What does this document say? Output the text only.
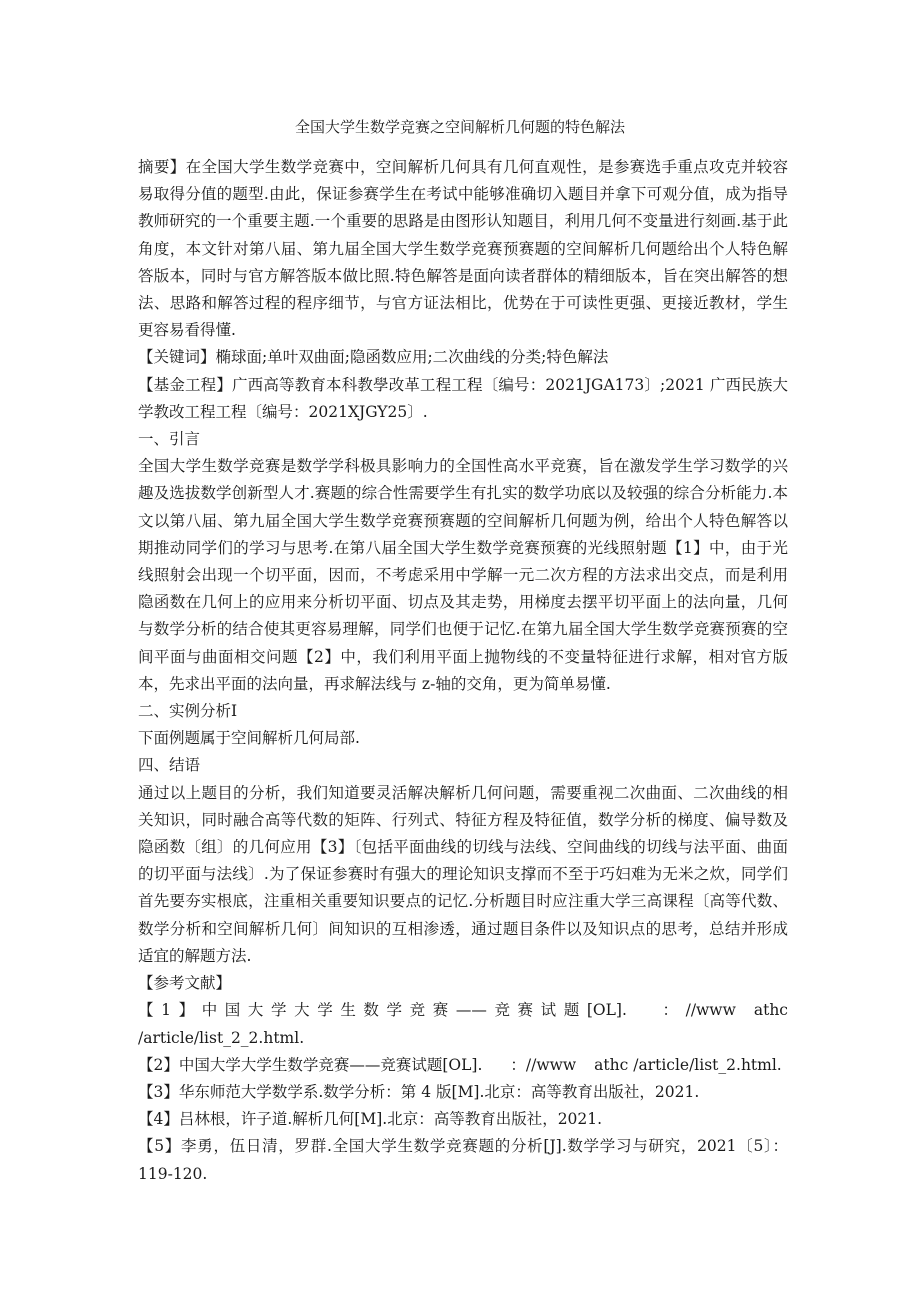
全国大学生数学竞赛之空间解析几何题的特色解法

摘要】在全国大学生数学竞赛中，空间解析几何具有几何直观性，是参赛选手重点攻克并较容易取得分值的题型.由此，保证参赛学生在考试中能够准确切入题目并拿下可观分值，成为指导教师研究的一个重要主题.一个重要的思路是由图形认知题目，利用几何不变量进行刻画.基于此角度，本文针对第八届、第九届全国大学生数学竞赛预赛题的空间解析几何题给出个人特色解答版本，同时与官方解答版本做比照.特色解答是面向读者群体的精细版本，旨在突出解答的想法、思路和解答过程的程序细节，与官方证法相比，优势在于可读性更强、更接近教材，学生更容易看得懂.

【关键词】椭球面;单叶双曲面;隐函数应用;二次曲线的分类;特色解法

【基金工程】广西高等教育本科教學改革工程工程〔编号：2021JGA173〕;2021 广西民族大学教改工程工程〔编号：2021XJGY25〕.

一、引言

全国大学生数学竞赛是数学学科极具影响力的全国性高水平竞赛，旨在激发学生学习数学的兴趣及选拔数学创新型人才.赛题的综合性需要学生有扎实的数学功底以及较强的综合分析能力.本文以第八届、第九届全国大学生数学竞赛预赛题的空间解析几何题为例，给出个人特色解答以期推动同学们的学习与思考.在第八届全国大学生数学竞赛预赛的光线照射题【1】中，由于光线照射会出现一个切平面，因而，不考虑采用中学解一元二次方程的方法求出交点，而是利用隐函数在几何上的应用来分析切平面、切点及其走势，用梯度去摆平切平面上的法向量，几何与数学分析的结合使其更容易理解，同学们也便于记忆.在第九届全国大学生数学竞赛预赛的空间平面与曲面相交问题【2】中，我们利用平面上抛物线的不变量特征进行求解，相对官方版本，先求出平面的法向量，再求解法线与 z-轴的交角，更为简单易懂.

二、实例分析Ⅰ

下面例题属于空间解析几何局部.

四、结语

通过以上题目的分析，我们知道要灵活解决解析几何问题，需要重视二次曲面、二次曲线的相关知识，同时融合高等代数的矩阵、行列式、特征方程及特征值，数学分析的梯度、偏导数及隐函数〔组〕的几何应用【3】〔包括平面曲线的切线与法线、空间曲线的切线与法平面、曲面的切平面与法线〕.为了保证参赛时有强大的理论知识支撑而不至于巧妇难为无米之炊，同学们首先要夯实根底，注重相关重要知识要点的记忆.分析题目时应注重大学三高课程〔高等代数、数学分析和空间解析几何〕间知识的互相渗透，通过题目条件以及知识点的思考，总结并形成适宜的解题方法.

【参考文献】

【1】中国大学大学生数学竞赛——竞赛试题[OL]. ：//www athc /article/list_2_2.html.

【2】中国大学大学生数学竞赛——竞赛试题[OL]. ：//www athc /article/list_2.html.

【3】华东师范大学数学系.数学分析：第 4 版[M].北京：高等教育出版社，2021.

【4】吕林根，许子道.解析几何[M].北京：高等教育出版社，2021.

【5】李勇，伍日清，罗群.全国大学生数学竞赛题的分析[J].数学学习与研究，2021〔5〕：119-120.
